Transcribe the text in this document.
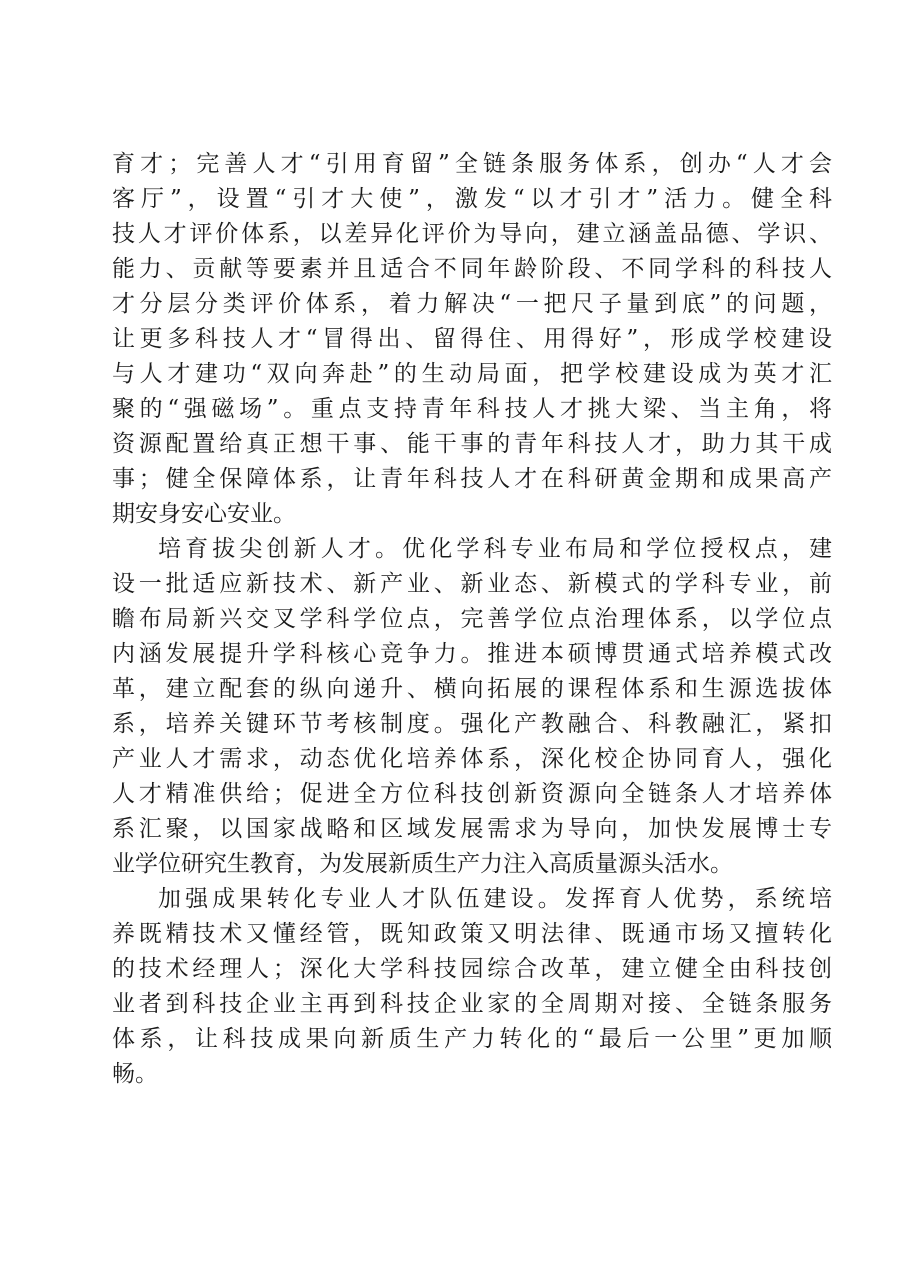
育才；完善人才“引用育留”全链条服务体系，创办“人才会
客厅”，设置“引才大使”，激发“以才引才”活力。健全科
技人才评价体系，以差异化评价为导向，建立涵盖品德、学识、
能力、贡献等要素并且适合不同年龄阶段、不同学科的科技人
才分层分类评价体系，着力解决“一把尺子量到底”的问题，
让更多科技人才“冒得出、留得住、用得好”，形成学校建设
与人才建功“双向奔赴”的生动局面，把学校建设成为英才汇
聚的“强磁场”。重点支持青年科技人才挑大梁、当主角，将
资源配置给真正想干事、能干事的青年科技人才，助力其干成
事；健全保障体系，让青年科技人才在科研黄金期和成果高产
期安身安心安业。
培育拔尖创新人才。优化学科专业布局和学位授权点，建
设一批适应新技术、新产业、新业态、新模式的学科专业，前
瞻布局新兴交叉学科学位点，完善学位点治理体系，以学位点
内涵发展提升学科核心竞争力。推进本硕博贯通式培养模式改
革，建立配套的纵向递升、横向拓展的课程体系和生源选拔体
系，培养关键环节考核制度。强化产教融合、科教融汇，紧扣
产业人才需求，动态优化培养体系，深化校企协同育人，强化
人才精准供给；促进全方位科技创新资源向全链条人才培养体
系汇聚，以国家战略和区域发展需求为导向，加快发展博士专
业学位研究生教育，为发展新质生产力注入高质量源头活水。
加强成果转化专业人才队伍建设。发挥育人优势，系统培
养既精技术又懂经管，既知政策又明法律、既通市场又擅转化
的技术经理人；深化大学科技园综合改革，建立健全由科技创
业者到科技企业主再到科技企业家的全周期对接、全链条服务
体系，让科技成果向新质生产力转化的“最后一公里”更加顺
畅。
